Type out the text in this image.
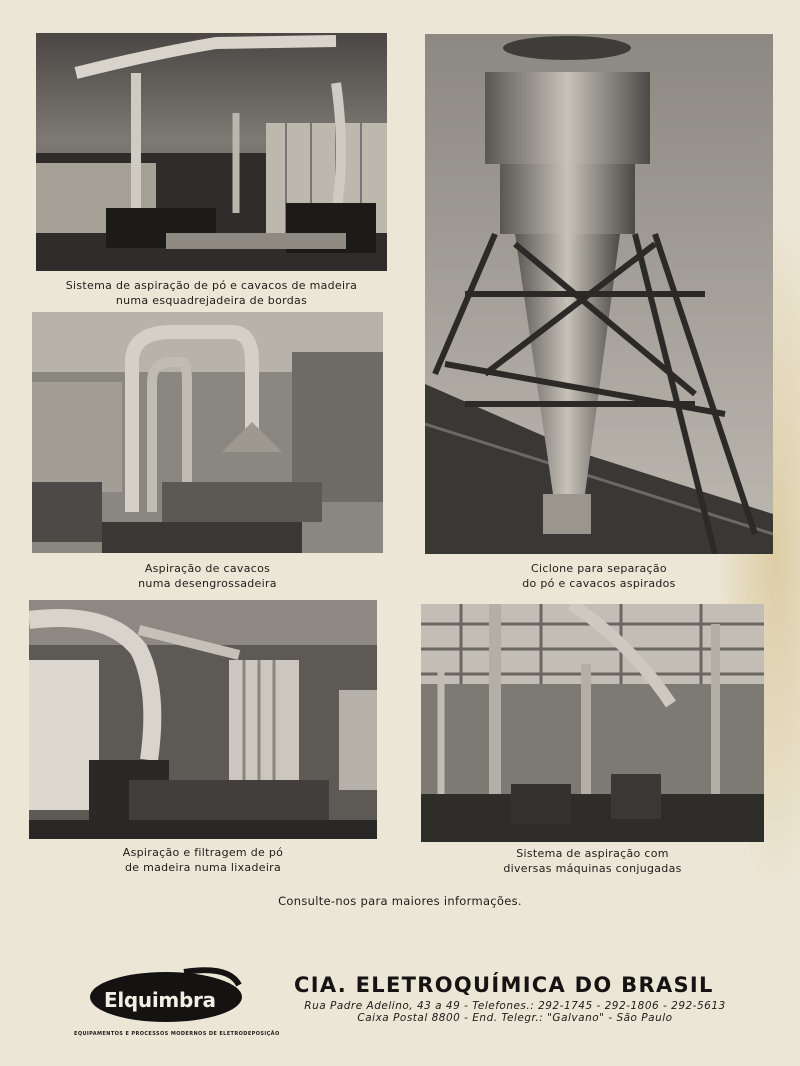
Sistema de aspiração de pó e cavacos de madeira
numa esquadrejadeira de bordas
Ciclone para separação
do pó e cavacos aspirados
Aspiração de cavacos
numa desengrossadeira
Aspiração e filtragem de pó
de madeira numa lixadeira
Sistema de aspiração com
diversas máquinas conjugadas
Consulte-nos para maiores informações.
Elquimbra
EQUIPAMENTOS E PROCESSOS MODERNOS DE ELETRODEPOSIÇÃO
CIA. ELETROQUÍMICA DO BRASIL
Rua Padre Adelino, 43 a 49 - Telefones.: 292-1745 - 292-1806 - 292-5613
Caixa Postal 8800 - End. Telegr.: "Galvano" - São Paulo
